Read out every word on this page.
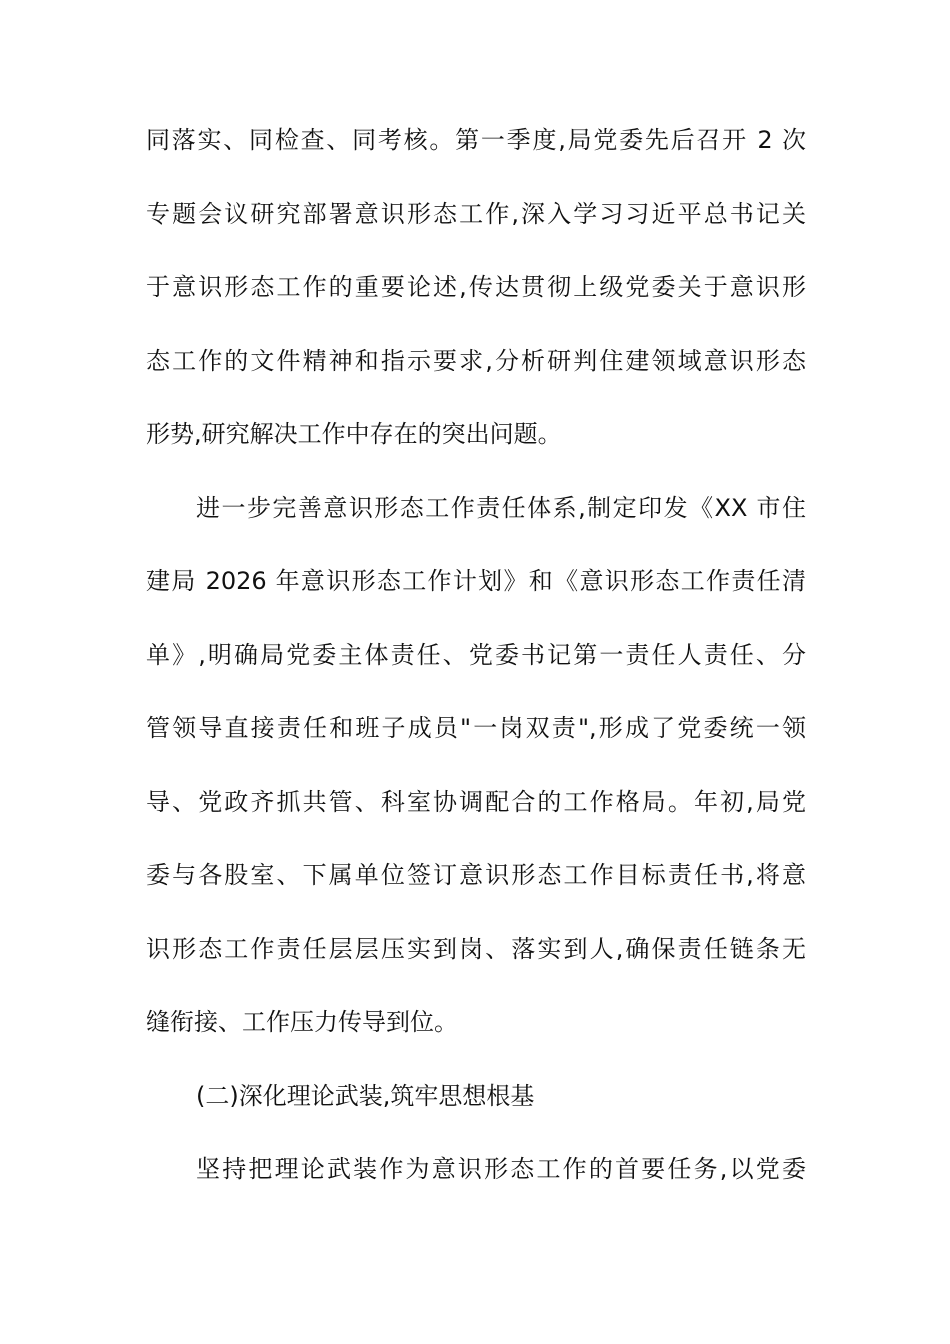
同落实、同检查、同考核。第一季度,局党委先后召开 2 次
专题会议研究部署意识形态工作,深入学习习近平总书记关
于意识形态工作的重要论述,传达贯彻上级党委关于意识形
态工作的文件精神和指示要求,分析研判住建领域意识形态
形势,研究解决工作中存在的突出问题。
进一步完善意识形态工作责任体系,制定印发《XX 市住
建局 2026 年意识形态工作计划》和《意识形态工作责任清
单》,明确局党委主体责任、党委书记第一责任人责任、分
管领导直接责任和班子成员"一岗双责",形成了党委统一领
导、党政齐抓共管、科室协调配合的工作格局。年初,局党
委与各股室、下属单位签订意识形态工作目标责任书,将意
识形态工作责任层层压实到岗、落实到人,确保责任链条无
缝衔接、工作压力传导到位。
(二)深化理论武装,筑牢思想根基
坚持把理论武装作为意识形态工作的首要任务,以党委
